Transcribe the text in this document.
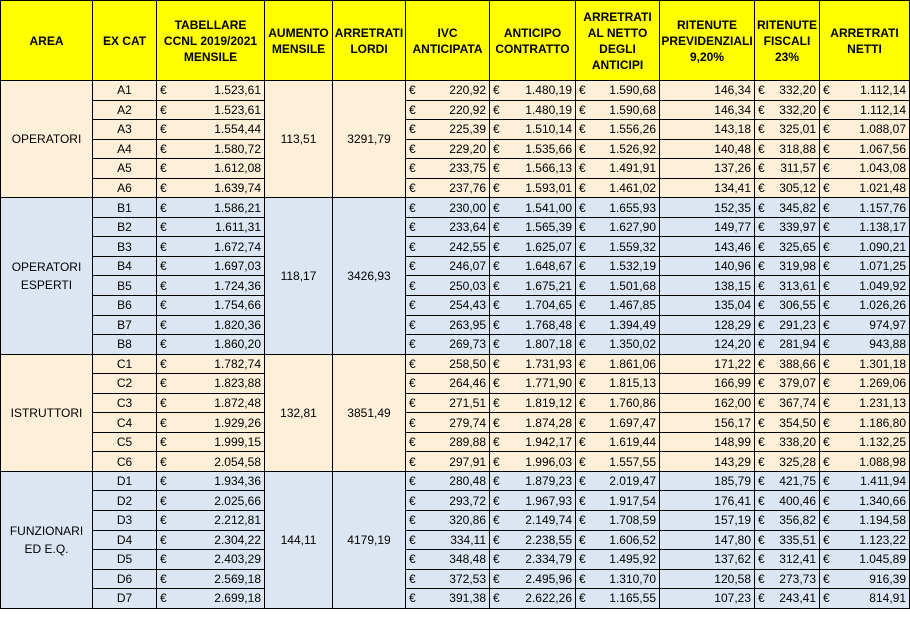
AREA	EX CAT	TABELLARE CCNL 2019/2021 MENSILE	AUMENTO MENSILE	ARRETRATI LORDI	IVC ANTICIPATA	ANTICIPO CONTRATTO	ARRETRATI AL NETTO DEGLI ANTICIPI	RITENUTE PREVIDENZIALI 9,20%	RITENUTE FISCALI 23%	ARRETRATI NETTI
OPERATORI	A1	€ 1.523,61	113,51	3291,79	€ 220,92	€ 1.480,19	€ 1.590,68	146,34	€ 332,20	€ 1.112,14

	A2	€ 1.523,61			€ 220,92	€ 1.480,19	€ 1.590,68	146,34	€ 332,20	€ 1.112,14

	A3	€ 1.554,44			€ 225,39	€ 1.510,14	€ 1.556,26	143,18	€ 325,01	€ 1.088,07

	A4	€ 1.580,72			€ 229,20	€ 1.535,66	€ 1.526,92	140,48	€ 318,88	€ 1.067,56

	A5	€ 1.612,08			€ 233,75	€ 1.566,13	€ 1.491,91	137,26	€ 311,57	€ 1.043,08

	A6	€ 1.639,74			€ 237,76	€ 1.593,01	€ 1.461,02	134,41	€ 305,12	€ 1.021,48

OPERATORI ESPERTI	B1	€ 1.586,21	118,17	3426,93	€ 230,00	€ 1.541,00	€ 1.655,93	152,35	€ 345,82	€ 1.157,76

	B2	€ 1.611,31			€ 233,64	€ 1.565,39	€ 1.627,90	149,77	€ 339,97	€ 1.138,17

	B3	€ 1.672,74			€ 242,55	€ 1.625,07	€ 1.559,32	143,46	€ 325,65	€ 1.090,21

	B4	€ 1.697,03			€ 246,07	€ 1.648,67	€ 1.532,19	140,96	€ 319,98	€ 1.071,25

	B5	€ 1.724,36			€ 250,03	€ 1.675,21	€ 1.501,68	138,15	€ 313,61	€ 1.049,92

	B6	€ 1.754,66			€ 254,43	€ 1.704,65	€ 1.467,85	135,04	€ 306,55	€ 1.026,26

	B7	€ 1.820,36			€ 263,95	€ 1.768,48	€ 1.394,49	128,29	€ 291,23	€ 974,97

	B8	€ 1.860,20			€ 269,73	€ 1.807,18	€ 1.350,02	124,20	€ 281,94	€ 943,88

ISTRUTTORI	C1	€ 1.782,74	132,81	3851,49	€ 258,50	€ 1.731,93	€ 1.861,06	171,22	€ 388,66	€ 1.301,18

	C2	€ 1.823,88			€ 264,46	€ 1.771,90	€ 1.815,13	166,99	€ 379,07	€ 1.269,06

	C3	€ 1.872,48			€ 271,51	€ 1.819,12	€ 1.760,86	162,00	€ 367,74	€ 1.231,13

	C4	€ 1.929,26			€ 279,74	€ 1.874,28	€ 1.697,47	156,17	€ 354,50	€ 1.186,80

	C5	€ 1.999,15			€ 289,88	€ 1.942,17	€ 1.619,44	148,99	€ 338,20	€ 1.132,25

	C6	€ 2.054,58			€ 297,91	€ 1.996,03	€ 1.557,55	143,29	€ 325,28	€ 1.088,98

FUNZIONARI ED E.Q.	D1	€ 1.934,36	144,11	4179,19	€ 280,48	€ 1.879,23	€ 2.019,47	185,79	€ 421,75	€ 1.411,94

	D2	€ 2.025,66			€ 293,72	€ 1.967,93	€ 1.917,54	176,41	€ 400,46	€ 1.340,66

	D3	€ 2.212,81			€ 320,86	€ 2.149,74	€ 1.708,59	157,19	€ 356,82	€ 1.194,58

	D4	€ 2.304,22			€ 334,11	€ 2.238,55	€ 1.606,52	147,80	€ 335,51	€ 1.123,22

	D5	€ 2.403,29			€ 348,48	€ 2.334,79	€ 1.495,92	137,62	€ 312,41	€ 1.045,89

	D6	€ 2.569,18			€ 372,53	€ 2.495,96	€ 1.310,70	120,58	€ 273,73	€ 916,39

	D7	€ 2.699,18			€ 391,38	€ 2.622,26	€ 1.165,55	107,23	€ 243,41	€ 814,91
